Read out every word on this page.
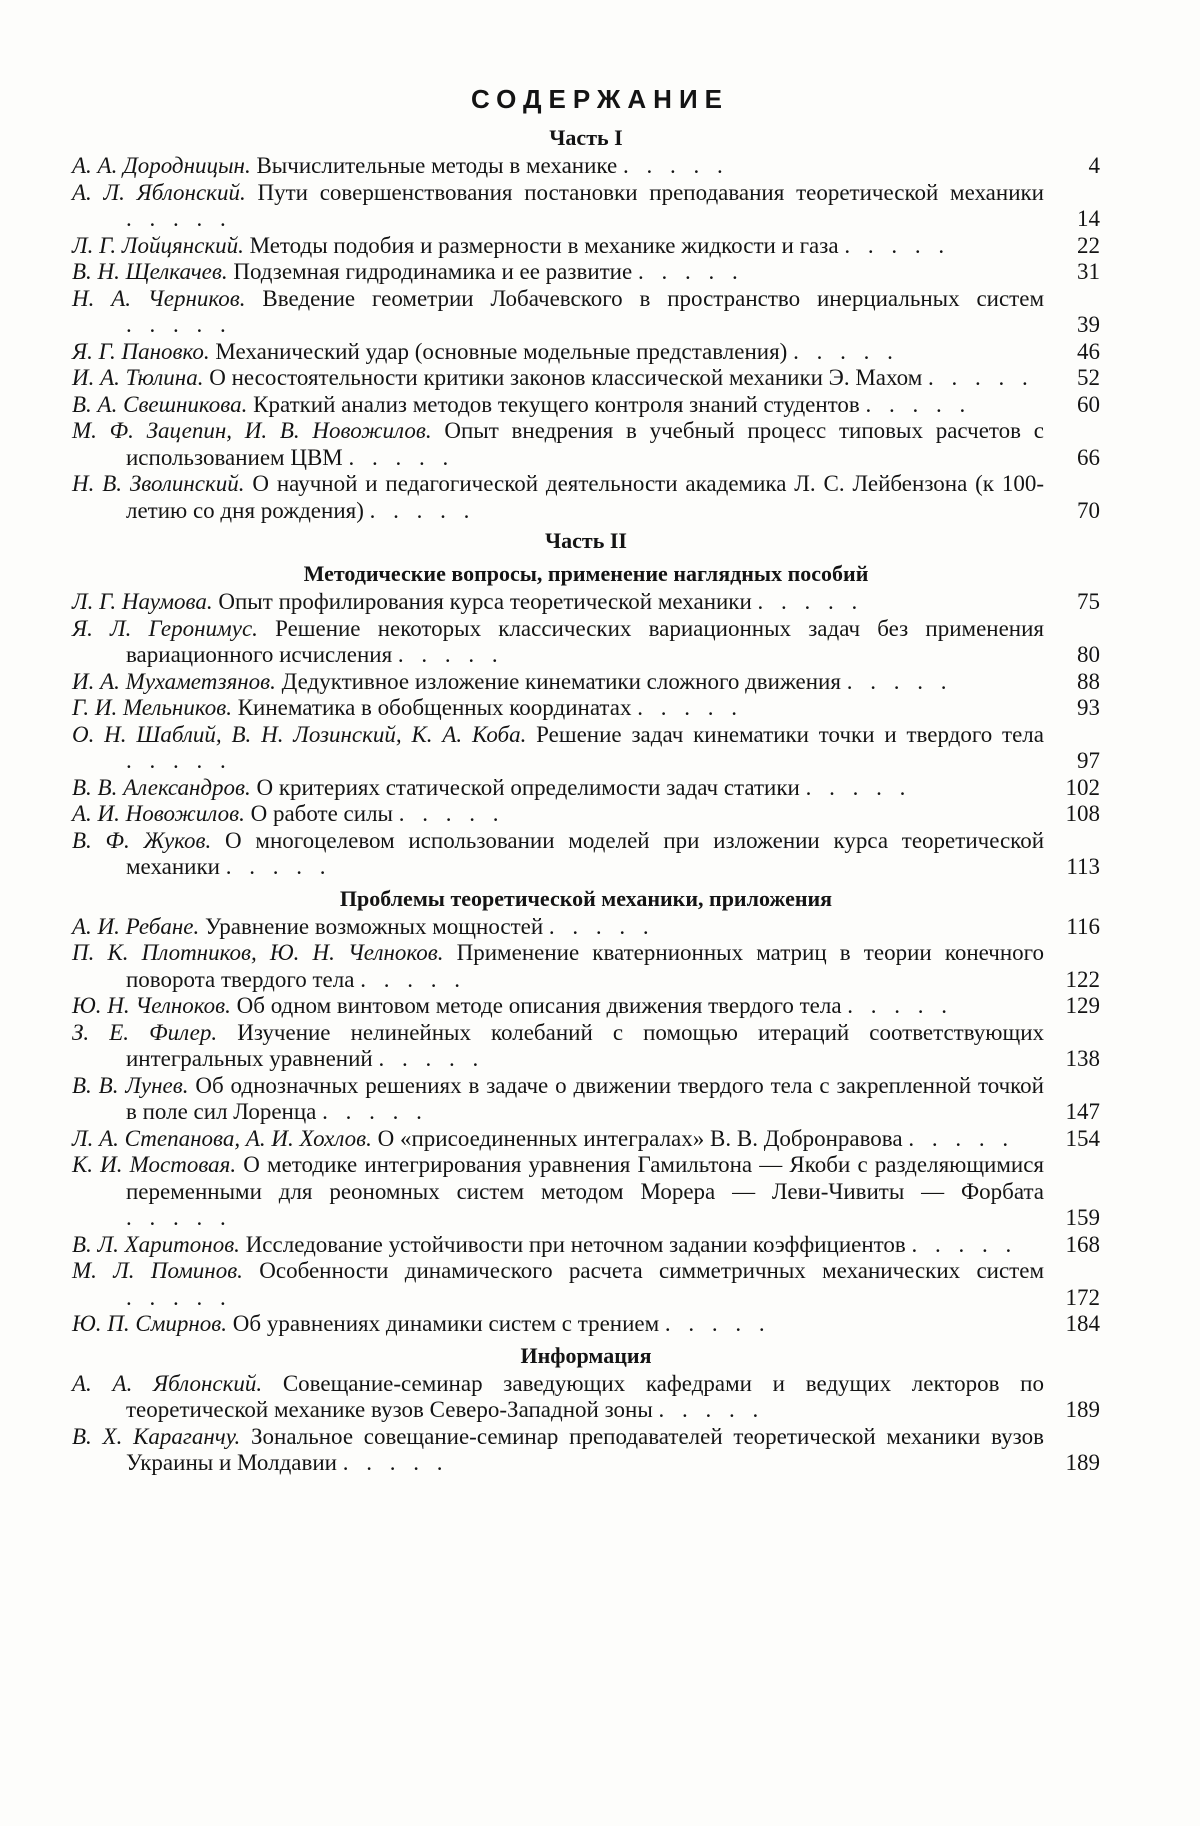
СОДЕРЖАНИЕ
Часть I
А. А. Дородницын. Вычислительные методы в механике . . . . .	4
А. Л. Яблонский. Пути совершенствования постановки преподавания теоретической механики . . . . .	14
Л. Г. Лойцянский. Методы подобия и размерности в механике жидкости и газа . . . . .	22
В. Н. Щелкачев. Подземная гидродинамика и ее развитие . . . . .	31
Н. А. Черников. Введение геометрии Лобачевского в пространство инерциальных систем . . . . .	39
Я. Г. Пановко. Механический удар (основные модельные представления) . . . . .	46
И. А. Тюлина. О несостоятельности критики законов классической механики Э. Махом . . . . .	52
В. А. Свешникова. Краткий анализ методов текущего контроля знаний студентов . . . . .	60
М. Ф. Зацепин, И. В. Новожилов. Опыт внедрения в учебный процесс типовых расчетов с использованием ЦВМ . . . . .	66
Н. В. Зволинский. О научной и педагогической деятельности академика Л. С. Лейбензона (к 100-летию со дня рождения) . . . . .	70
Часть II
Методические вопросы, применение наглядных пособий
Л. Г. Наумова. Опыт профилирования курса теоретической механики . . . . .	75
Я. Л. Геронимус. Решение некоторых классических вариационных задач без применения вариационного исчисления . . . . .	80
И. А. Мухаметзянов. Дедуктивное изложение кинематики сложного движения . . . . .	88
Г. И. Мельников. Кинематика в обобщенных координатах . . . . .	93
О. Н. Шаблий, В. Н. Лозинский, К. А. Коба. Решение задач кинематики точки и твердого тела . . . . .	97
В. В. Александров. О критериях статической определимости задач статики . . . . .	102
А. И. Новожилов. О работе силы . . . . .	108
В. Ф. Жуков. О многоцелевом использовании моделей при изложении курса теоретической механики . . . . .	113
Проблемы теоретической механики, приложения
А. И. Ребане. Уравнение возможных мощностей . . . . .	116
П. К. Плотников, Ю. Н. Челноков. Применение кватернионных матриц в теории конечного поворота твердого тела . . . . .	122
Ю. Н. Челноков. Об одном винтовом методе описания движения твердого тела . . . . .	129
З. Е. Филер. Изучение нелинейных колебаний с помощью итераций соответствующих интегральных уравнений . . . . .	138
В. В. Лунев. Об однозначных решениях в задаче о движении твердого тела с закрепленной точкой в поле сил Лоренца . . . . .	147
Л. А. Степанова, А. И. Хохлов. О «присоединенных интегралах» В. В. Добронравова . . . . .	154
К. И. Мостовая. О методике интегрирования уравнения Гамильтона — Якоби с разделяющимися переменными для реономных систем методом Морера — Леви-Чивиты — Форбата . . . . .	159
В. Л. Харитонов. Исследование устойчивости при неточном задании коэффициентов . . . . .	168
М. Л. Поминов. Особенности динамического расчета симметричных механических систем . . . . .	172
Ю. П. Смирнов. Об уравнениях динамики систем с трением . . . . .	184
Информация
А. А. Яблонский. Совещание-семинар заведующих кафедрами и ведущих лекторов по теоретической механике вузов Северо-Западной зоны . . . . .	189
В. Х. Караганчу. Зональное совещание-семинар преподавателей теоретической механики вузов Украины и Молдавии . . . . .	189
